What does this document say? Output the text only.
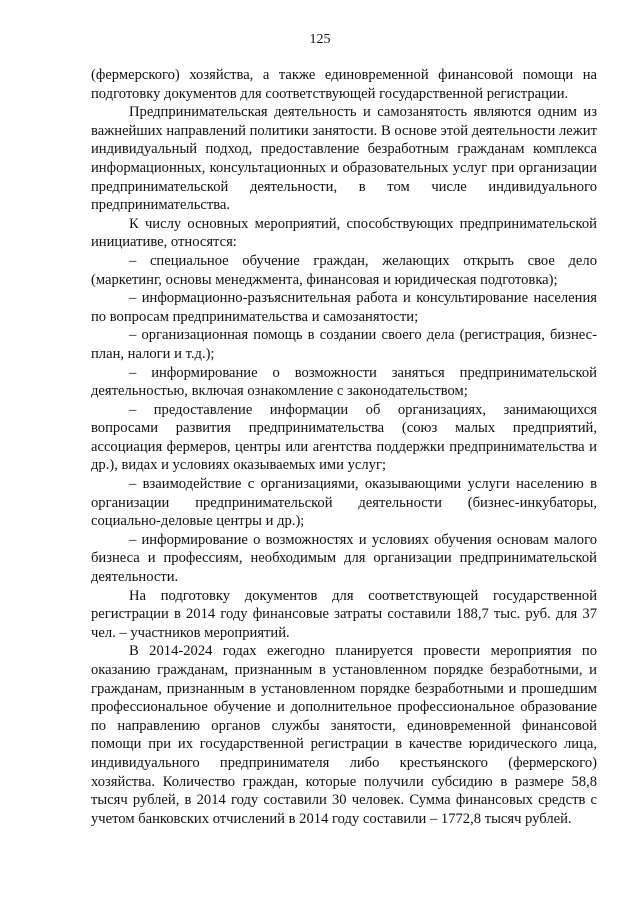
125

(фермерского) хозяйства, а также единовременной финансовой помощи на подготовку документов для соответствующей государственной регистрации.

Предпринимательская деятельность и самозанятость являются одним из важнейших направлений политики занятости. В основе этой деятельности лежит индивидуальный подход, предоставление безработным гражданам комплекса информационных, консультационных и образовательных услуг при организации предпринимательской деятельности, в том числе индивидуального предпринимательства.

К числу основных мероприятий, способствующих предпринимательской инициативе, относятся:

– специальное обучение граждан, желающих открыть свое дело (маркетинг, основы менеджмента, финансовая и юридическая подготовка);

– информационно-разъяснительная работа и консультирование населения по вопросам предпринимательства и самозанятости;

– организационная помощь в создании своего дела (регистрация, бизнес-план, налоги и т.д.);

– информирование о возможности заняться предпринимательской деятельностью, включая ознакомление с законодательством;

– предоставление информации об организациях, занимающихся вопросами развития предпринимательства (союз малых предприятий, ассоциация фермеров, центры или агентства поддержки предпринимательства и др.), видах и условиях оказываемых ими услуг;

– взаимодействие с организациями, оказывающими услуги населению в организации предпринимательской деятельности (бизнес-инкубаторы, социально-деловые центры и др.);

– информирование о возможностях и условиях обучения основам малого бизнеса и профессиям, необходимым для организации предпринимательской деятельности.

На подготовку документов для соответствующей государственной регистрации в 2014 году финансовые затраты составили 188,7 тыс. руб. для 37 чел. – участников мероприятий.

В 2014-2024 годах ежегодно планируется провести мероприятия по оказанию гражданам, признанным в установленном порядке безработными, и гражданам, признанным в установленном порядке безработными и прошедшим профессиональное обучение и дополнительное профессиональное образование по направлению органов службы занятости, единовременной финансовой помощи при их государственной регистрации в качестве юридического лица, индивидуального предпринимателя либо крестьянского (фермерского) хозяйства. Количество граждан, которые получили субсидию в размере 58,8 тысяч рублей, в 2014 году составили 30 человек. Сумма финансовых средств с учетом банковских отчислений в 2014 году составили – 1772,8 тысяч рублей.
